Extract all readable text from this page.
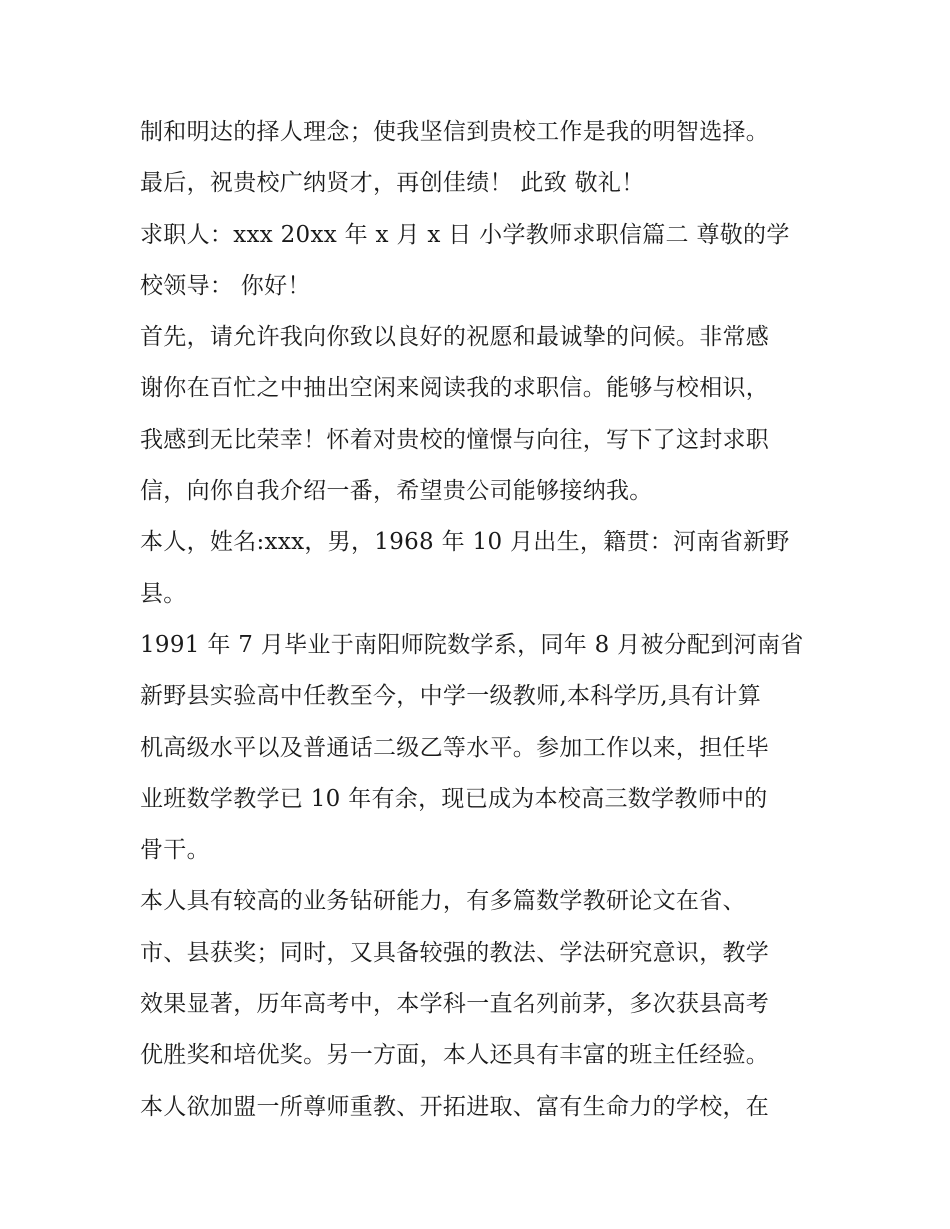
制和明达的择人理念；使我坚信到贵校工作是我的明智选择。
最后，祝贵校广纳贤才，再创佳绩！ 此致 敬礼！
求职人：xxx 20xx 年 x 月 x 日 小学教师求职信篇二 尊敬的学
校领导： 你好！
首先，请允许我向你致以良好的祝愿和最诚挚的问候。非常感
谢你在百忙之中抽出空闲来阅读我的求职信。能够与校相识，
我感到无比荣幸！怀着对贵校的憧憬与向往，写下了这封求职
信，向你自我介绍一番，希望贵公司能够接纳我。
本人，姓名:xxx，男，1968 年 10 月出生，籍贯：河南省新野
县。
1991 年 7 月毕业于南阳师院数学系，同年 8 月被分配到河南省
新野县实验高中任教至今，中学一级教师,本科学历,具有计算
机高级水平以及普通话二级乙等水平。参加工作以来，担任毕
业班数学教学已 10 年有余，现已成为本校高三数学教师中的
骨干。
本人具有较高的业务钻研能力，有多篇数学教研论文在省、
市、县获奖；同时，又具备较强的教法、学法研究意识，教学
效果显著，历年高考中，本学科一直名列前茅，多次获县高考
优胜奖和培优奖。另一方面，本人还具有丰富的班主任经验。
本人欲加盟一所尊师重教、开拓进取、富有生命力的学校，在
